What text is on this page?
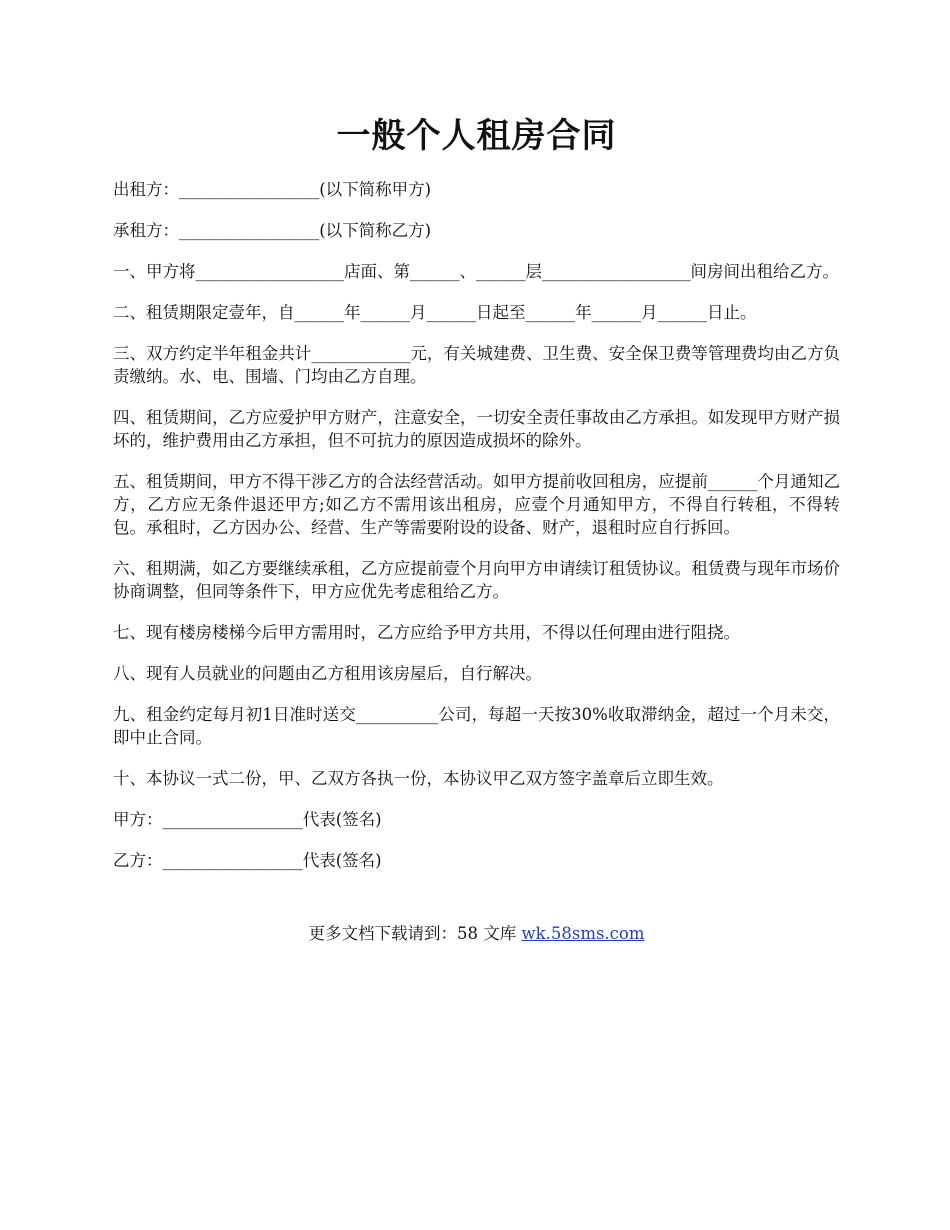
一般个人租房合同

出租方：_________________(以下简称甲方)

承租方：_________________(以下简称乙方)

一、甲方将__________________店面、第______、______层__________________间房间出租给乙方。

二、租赁期限定壹年，自______年______月______日起至______年______月______日止。

三、双方约定半年租金共计____________元，有关城建费、卫生费、安全保卫费等管理费均由乙方负责缴纳。水、电、围墙、门均由乙方自理。

四、租赁期间，乙方应爱护甲方财产，注意安全，一切安全责任事故由乙方承担。如发现甲方财产损坏的，维护费用由乙方承担，但不可抗力的原因造成损坏的除外。

五、租赁期间，甲方不得干涉乙方的合法经营活动。如甲方提前收回租房，应提前______个月通知乙方，乙方应无条件退还甲方;如乙方不需用该出租房，应壹个月通知甲方，不得自行转租，不得转包。承租时，乙方因办公、经营、生产等需要附设的设备、财产，退租时应自行拆回。

六、租期满，如乙方要继续承租，乙方应提前壹个月向甲方申请续订租赁协议。租赁费与现年市场价协商调整，但同等条件下，甲方应优先考虑租给乙方。

七、现有楼房楼梯今后甲方需用时，乙方应给予甲方共用，不得以任何理由进行阻挠。

八、现有人员就业的问题由乙方租用该房屋后，自行解决。

九、租金约定每月初1日准时送交__________公司，每超一天按30%收取滞纳金，超过一个月未交，即中止合同。

十、本协议一式二份，甲、乙双方各执一份，本协议甲乙双方签字盖章后立即生效。

甲方：_________________代表(签名)

乙方：_________________代表(签名)

更多文档下载请到：58 文库 wk.58sms.com
